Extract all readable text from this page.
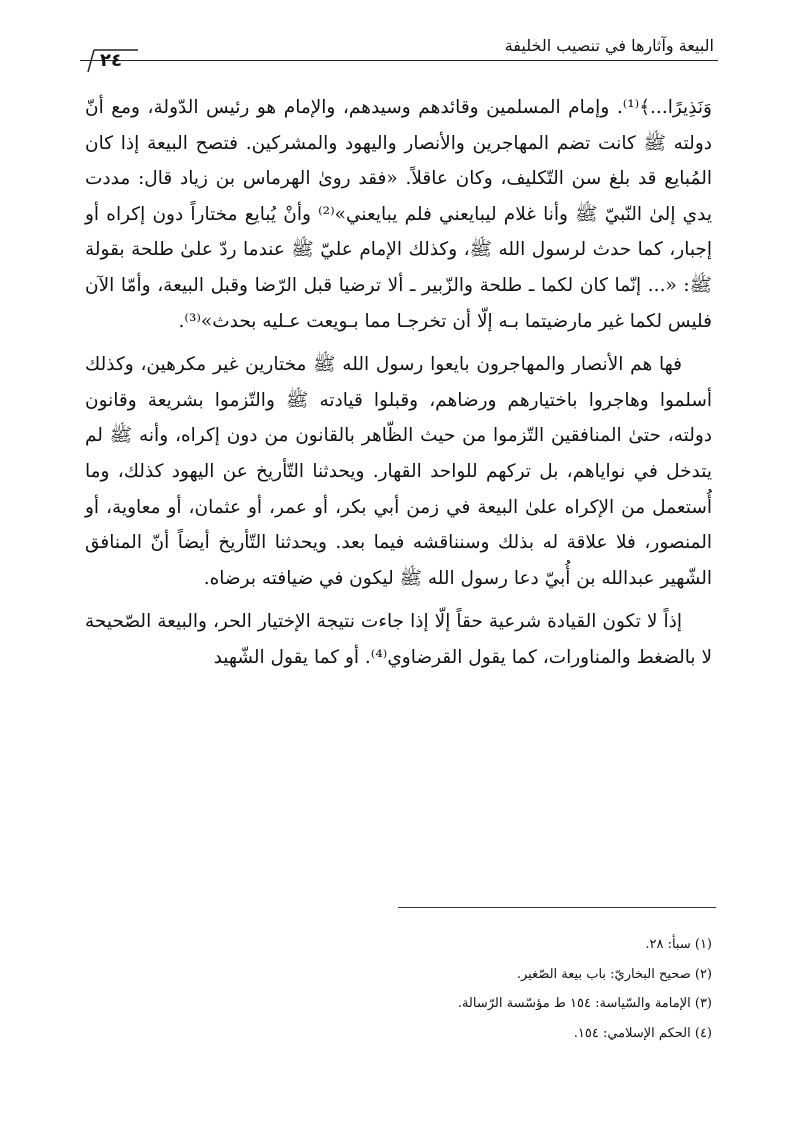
البيعة وآثارها في تنصيب الخليفة
٢٤

وَنَذِيرًا...﴾⁽¹⁾. وإمام المسلمين وقائدهم وسيدهم، والإمام هو رئيس الدّولة، ومع أنّ دولته ﷺ كانت تضم المهاجرين والأنصار واليهود والمشركين. فتصح البيعة إذا كان المُبايع قد بلغ سن التّكليف، وكان عاقلاً. «فقد روىٰ الهرماس بن زياد قال: مددت يدي إلىٰ النّبيّ ﷺ وأنا غلام ليبايعني فلم يبايعني»⁽²⁾ وأنْ يُبايع مختاراً دون إكراه أو إجبار، كما حدث لرسول الله ﷺ، وكذلك الإمام عليّ ﷺ عندما ردّ علىٰ طلحة بقولة ﷺ: «... إنّما كان لكما ـ طلحة والزّبير ـ ألا ترضيا قبل الرّضا وقبل البيعة، وأمّا الآن فليس لكما غير مارضيتما بـه إلّا أن تخرجـا مما بـويعت عـليه بحدث»⁽³⁾.

فها هم الأنصار والمهاجرون بايعوا رسول الله ﷺ مختارين غير مكرهين، وكذلك أسلموا وهاجروا باختيارهم ورضاهم، وقبلوا قيادته ﷺ والتّزموا بشريعة وقانون دولته، حتىٰ المنافقين التّزموا من حيث الظّاهر بالقانون من دون إكراه، وأنه ﷺ لم يتدخل في نواياهم، بل تركهم للواحد القهار. ويحدثنا التّأريخ عن اليهود كذلك، وما أُستعمل من الإكراه علىٰ البيعة في زمن أبي بكر، أو عمر، أو عثمان، أو معاوية، أو المنصور، فلا علاقة له بذلك وسنناقشه فيما بعد. ويحدثنا التّأريخ أيضاً أنّ المنافق الشّهير عبدالله بن أُبيّ دعا رسول الله ﷺ ليكون في ضيافته برضاه.

إذاً لا تكون القيادة شرعية حقاً إلّا إذا جاءت نتيجة الإختيار الحر، والبيعة الصّحيحة لا بالضغط والمناورات، كما يقول القرضاوي⁽⁴⁾. أو كما يقول الشّهيد

(١) سبأ: ٢٨.

(٢) صحيح البخاريّ: باب بيعة الصّغير.

(٣) الإمامة والسّياسة: ١٥٤ ط مؤسّسة الرّسالة.

(٤) الحكم الإسلامي: ١٥٤.
